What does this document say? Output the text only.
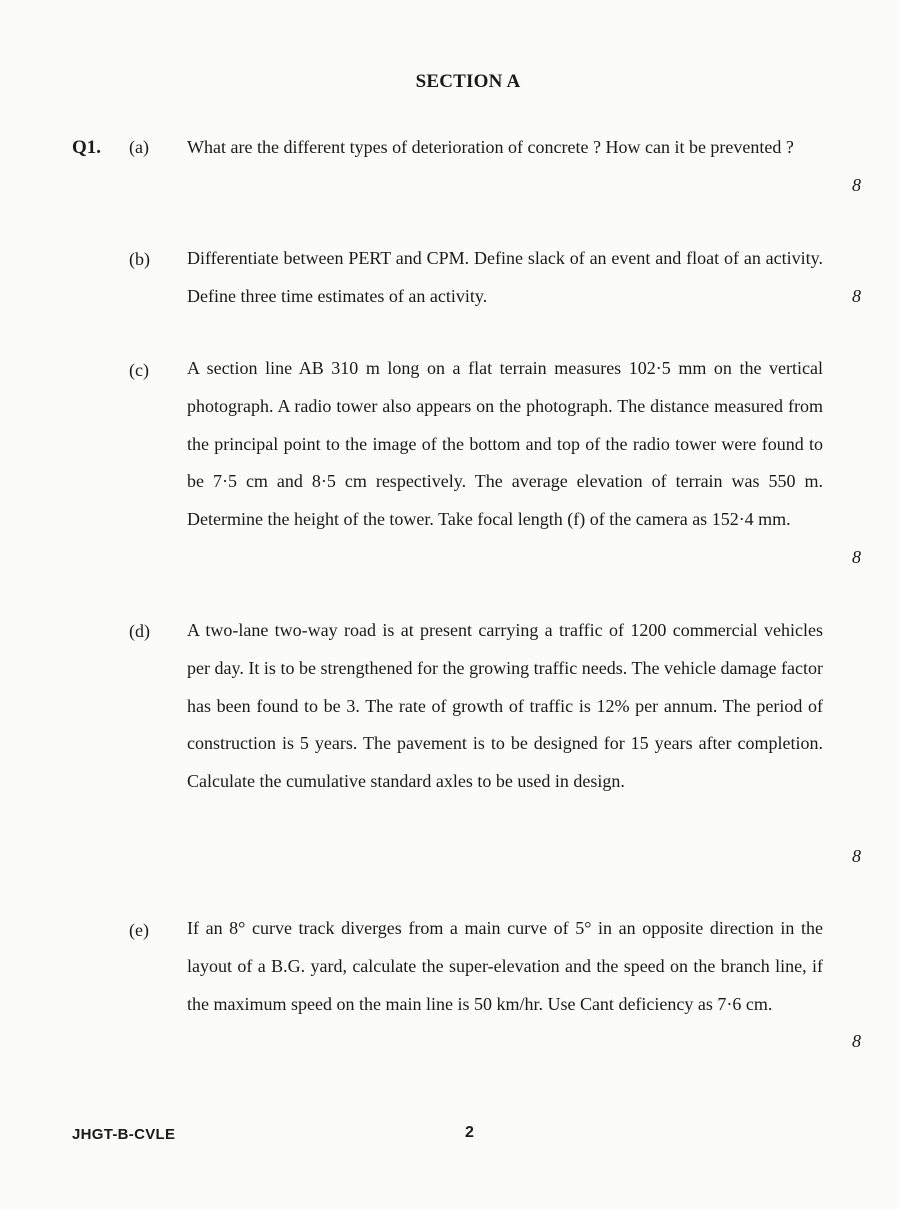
SECTION A
Q1. (a) What are the different types of deterioration of concrete ? How can it be prevented ?

8
(b) Differentiate between PERT and CPM. Define slack of an event and float of an activity. Define three time estimates of an activity.	8
(c) A section line AB 310 m long on a flat terrain measures 102·5 mm on the vertical photograph. A radio tower also appears on the photograph. The distance measured from the principal point to the image of the bottom and top of the radio tower were found to be 7·5 cm and 8·5 cm respectively. The average elevation of terrain was 550 m. Determine the height of the tower. Take focal length (f) of the camera as 152·4 mm.

8
(d) A two-lane two-way road is at present carrying a traffic of 1200 commercial vehicles per day. It is to be strengthened for the growing traffic needs. The vehicle damage factor has been found to be 3. The rate of growth of traffic is 12% per annum. The period of construction is 5 years. The pavement is to be designed for 15 years after completion. Calculate the cumulative standard axles to be used in design.

8
(e) If an 8° curve track diverges from a main curve of 5° in an opposite direction in the layout of a B.G. yard, calculate the super-elevation and the speed on the branch line, if the maximum speed on the main line is 50 km/hr. Use Cant deficiency as 7·6 cm.

8
JHGT-B-CVLE	2
